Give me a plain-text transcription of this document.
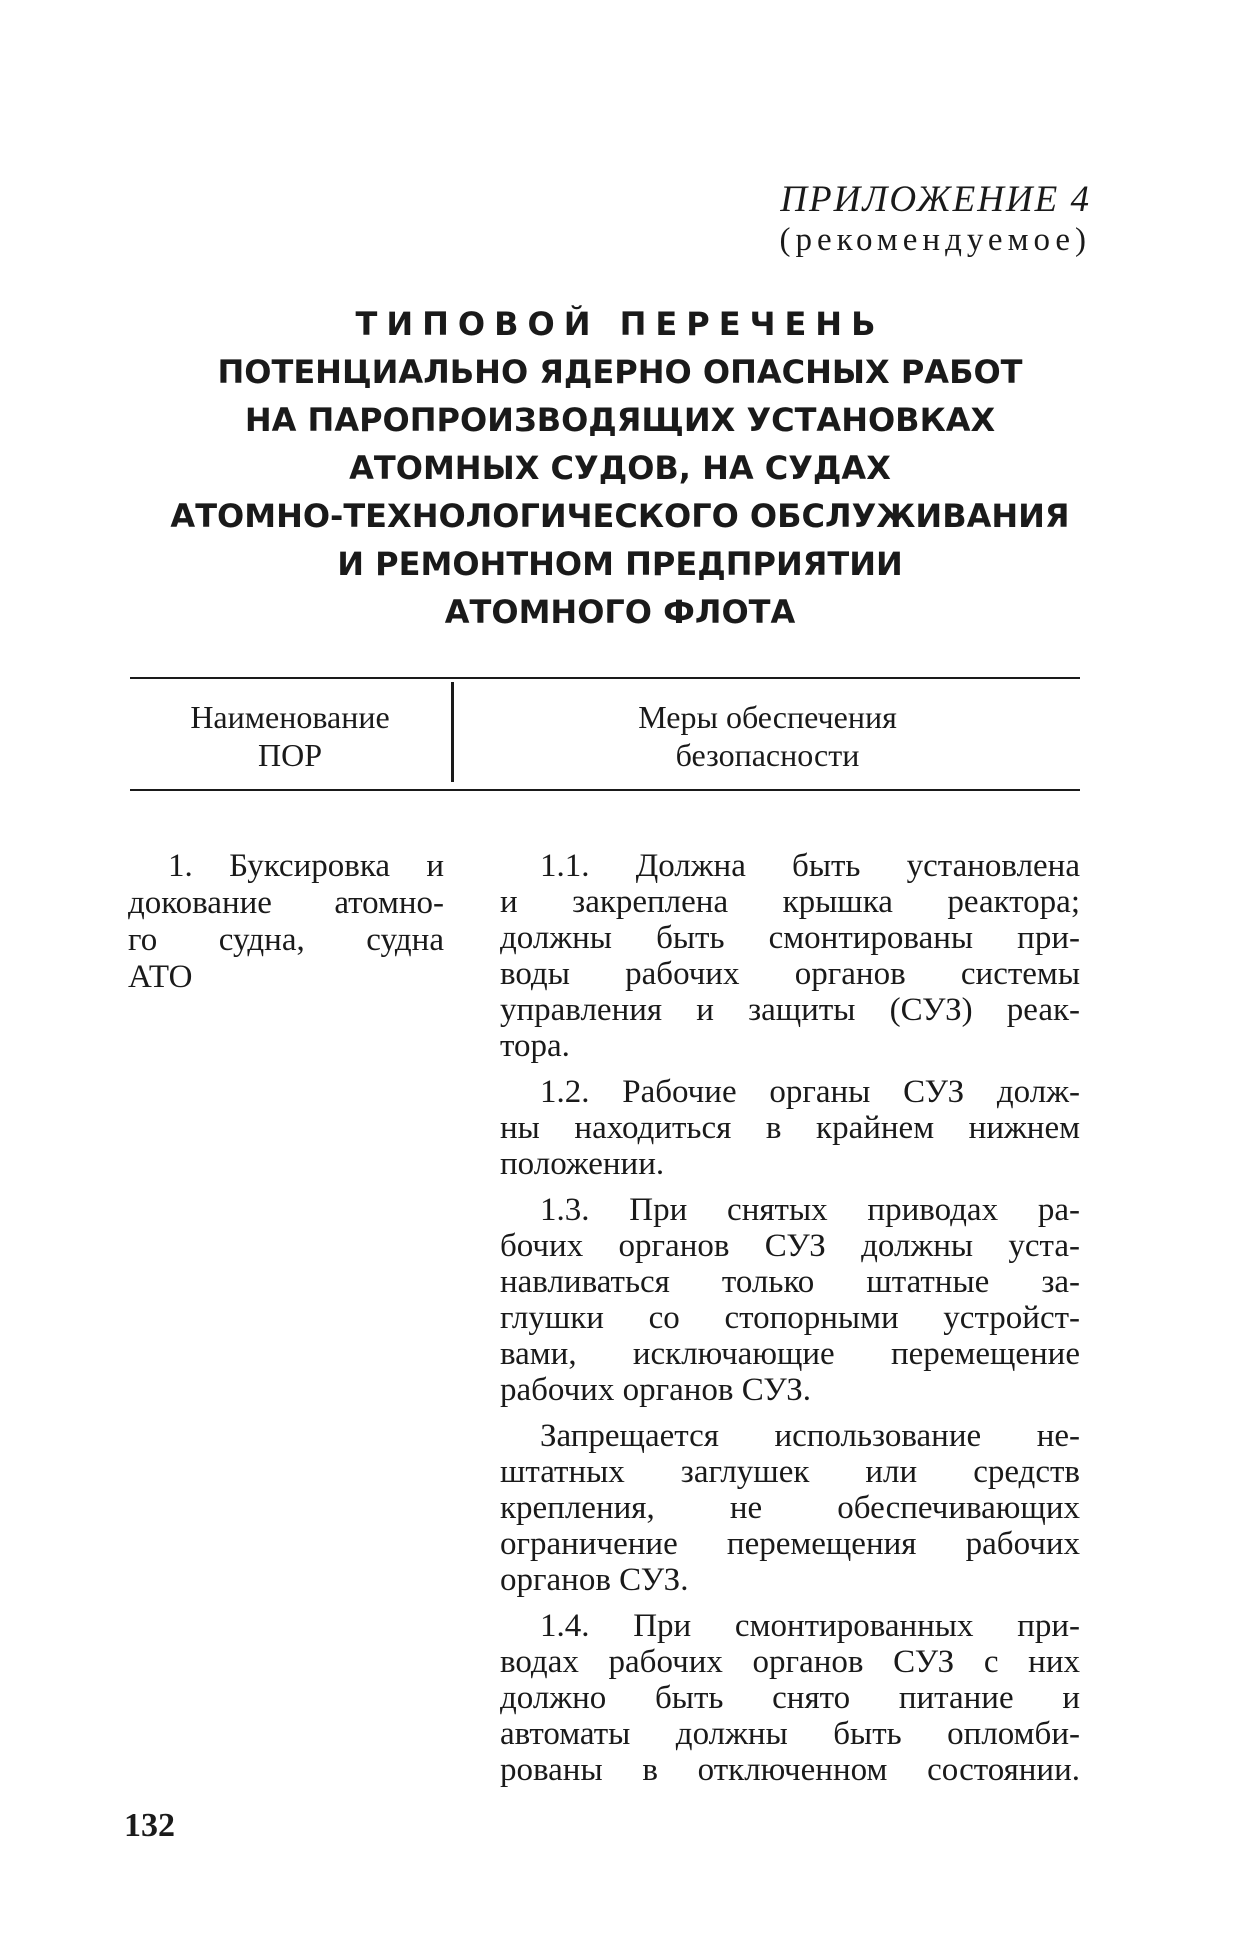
ПРИЛОЖЕНИЕ 4
(рекомендуемое)
ТИПОВОЙ ПЕРЕЧЕНЬ
ПОТЕНЦИАЛЬНО ЯДЕРНО ОПАСНЫХ РАБОТ
НА ПАРОПРОИЗВОДЯЩИХ УСТАНОВКАХ
АТОМНЫХ СУДОВ, НА СУДАХ
АТОМНО-ТЕХНОЛОГИЧЕСКОГО ОБСЛУЖИВАНИЯ
И РЕМОНТНОМ ПРЕДПРИЯТИИ
АТОМНОГО ФЛОТА
Наименование
ПОР
Меры обеспечения
безопасности
1. Буксировка и
докование атомно-
го судна, судна
АТО
1.1. Должна быть установлена
и закреплена крышка реактора;
должны быть смонтированы при-
воды рабочих органов системы
управления и защиты (СУЗ) реак-
тора.
1.2. Рабочие органы СУЗ долж-
ны находиться в крайнем нижнем
положении.
1.3. При снятых приводах ра-
бочих органов СУЗ должны уста-
навливаться только штатные за-
глушки со стопорными устройст-
вами, исключающие перемещение
рабочих органов СУЗ.
Запрещается использование не-
штатных заглушек или средств
крепления, не обеспечивающих
ограничение перемещения рабочих
органов СУЗ.
1.4. При смонтированных при-
водах рабочих органов СУЗ с них
должно быть снято питание и
автоматы должны быть опломби-
рованы в отключенном состоянии.
132
